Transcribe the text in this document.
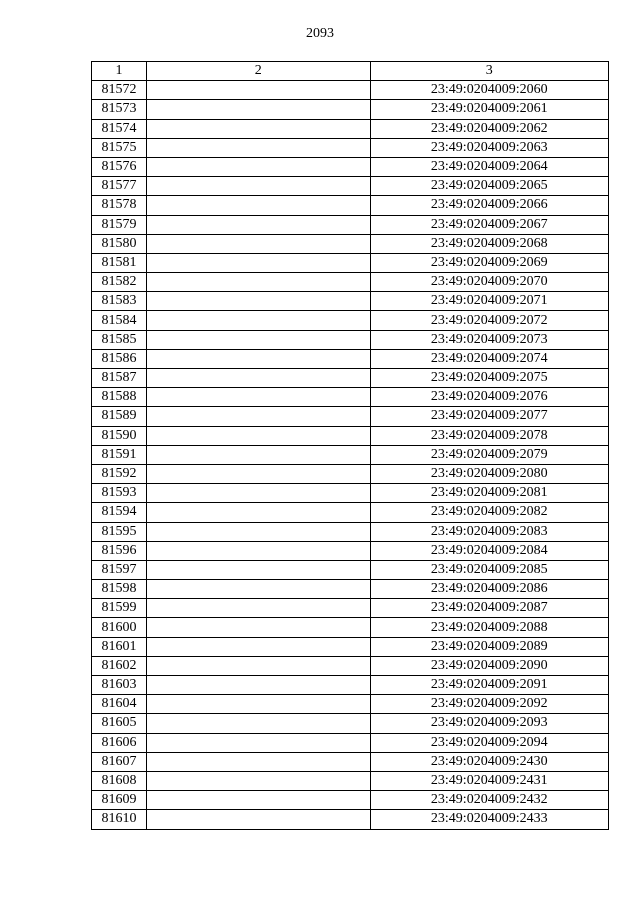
2093
1	2	3
81572		23:49:0204009:2060
81573		23:49:0204009:2061
81574		23:49:0204009:2062
81575		23:49:0204009:2063
81576		23:49:0204009:2064
81577		23:49:0204009:2065
81578		23:49:0204009:2066
81579		23:49:0204009:2067
81580		23:49:0204009:2068
81581		23:49:0204009:2069
81582		23:49:0204009:2070
81583		23:49:0204009:2071
81584		23:49:0204009:2072
81585		23:49:0204009:2073
81586		23:49:0204009:2074
81587		23:49:0204009:2075
81588		23:49:0204009:2076
81589		23:49:0204009:2077
81590		23:49:0204009:2078
81591		23:49:0204009:2079
81592		23:49:0204009:2080
81593		23:49:0204009:2081
81594		23:49:0204009:2082
81595		23:49:0204009:2083
81596		23:49:0204009:2084
81597		23:49:0204009:2085
81598		23:49:0204009:2086
81599		23:49:0204009:2087
81600		23:49:0204009:2088
81601		23:49:0204009:2089
81602		23:49:0204009:2090
81603		23:49:0204009:2091
81604		23:49:0204009:2092
81605		23:49:0204009:2093
81606		23:49:0204009:2094
81607		23:49:0204009:2430
81608		23:49:0204009:2431
81609		23:49:0204009:2432
81610		23:49:0204009:2433
